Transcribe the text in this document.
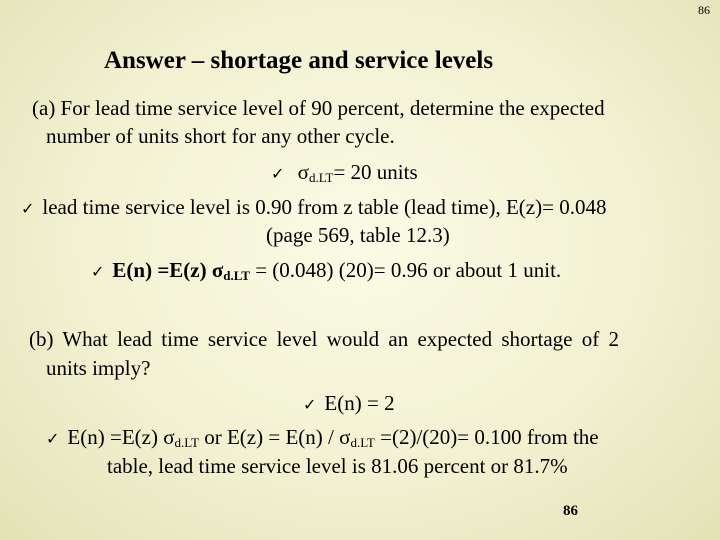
86
Answer – shortage and service levels
(a) For lead time service level of 90 percent, determine the expected
number of units short for any other cycle.
✓ σd.LT= 20 units
✓ lead time service level is 0.90 from z table (lead time), E(z)= 0.048
(page 569, table 12.3)
✓ E(n) =E(z) σd.LT = (0.048) (20)= 0.96 or about 1 unit.
(b) What lead time service level would an expected shortage of 2
units imply?
✓ E(n) = 2
✓ E(n) =E(z) σd.LT or E(z) = E(n) / σd.LT =(2)/(20)= 0.100 from the
table, lead time service level is 81.06 percent or 81.7%
86
